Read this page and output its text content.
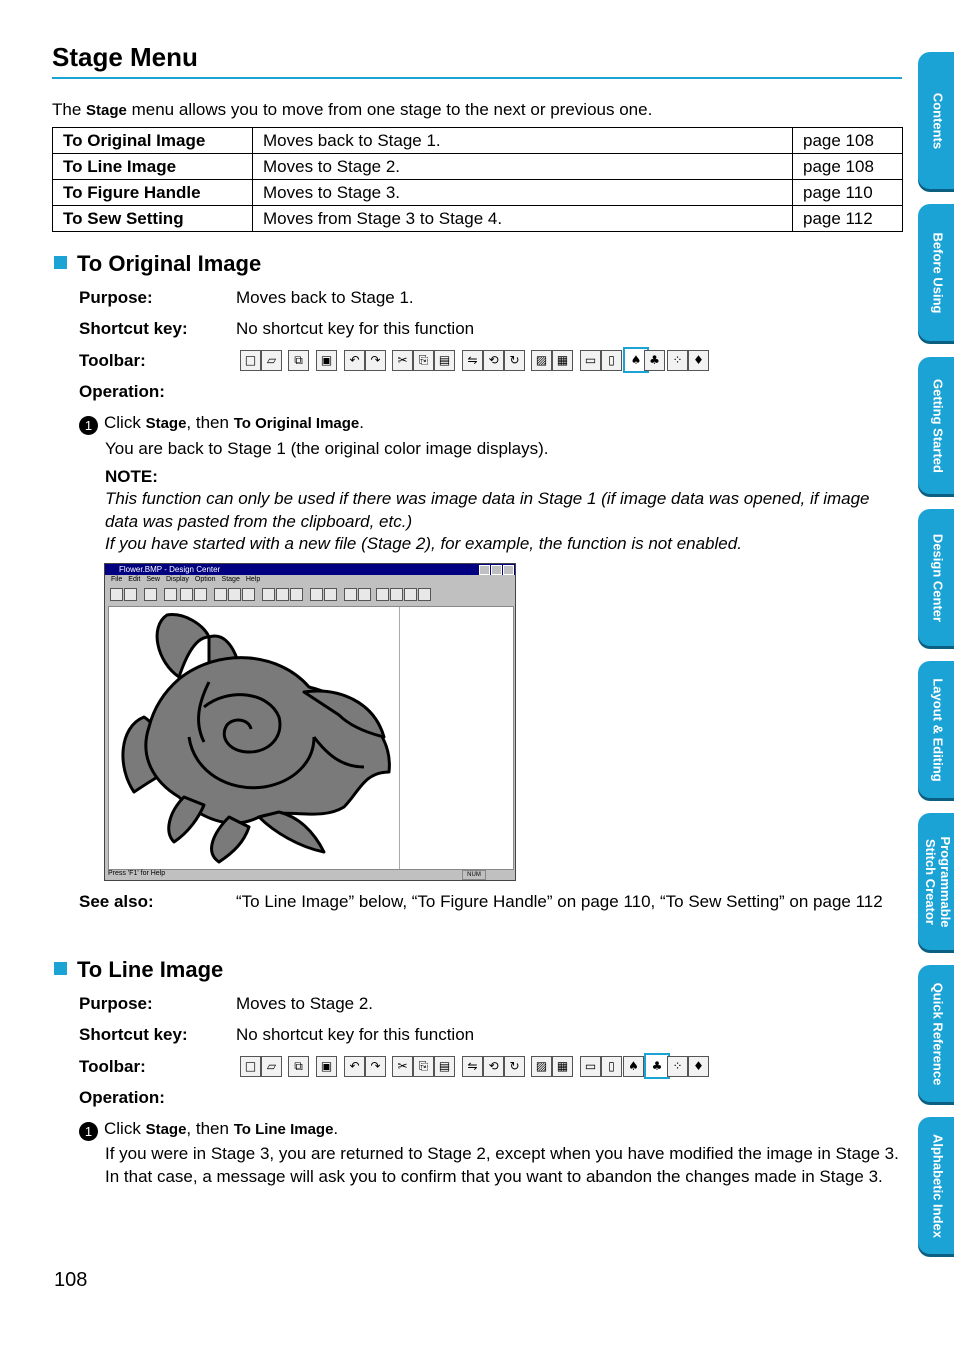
Stage Menu
The Stage menu allows you to move from one stage to the next or previous one.
To Original Image	Moves back to Stage 1.	page 108
To Line Image	Moves to Stage 2.	page 108
To Figure Handle	Moves to Stage 3.	page 110
To Sew Setting	Moves from Stage 3 to Stage 4.	page 112
To Original Image
Purpose:	Moves back to Stage 1.
Shortcut key:	No shortcut key for this function
Toolbar:	□ ▱	⧉	▣	↶ ↷	✂ ⎘ ▤	⇋ ⟲ ↻	▨ ▦	▭	▯	♠ ♣	⁘ ♦
Operation:
1 Click Stage, then To Original Image.
You are back to Stage 1 (the original color image displays).
NOTE:
This function can only be used if there was image data in Stage 1 (if image data was opened, if image data was pasted from the clipboard, etc.)
If you have started with a new file (Stage 2), for example, the function is not enabled.
Flower.BMP - Design Center
File Edit Sew Display Option Stage Help
Press 'F1' for Help	NUM
See also:	“To Line Image” below, “To Figure Handle” on page 110, “To Sew Setting” on page 112
To Line Image
Purpose:	Moves to Stage 2.
Shortcut key:	No shortcut key for this function
Toolbar:	□ ▱	⧉	▣	↶ ↷	✂ ⎘ ▤	⇋ ⟲ ↻	▨ ▦	▭	▯	♠	♣ ⁘ ♦
Operation:
1 Click Stage, then To Line Image.
If you were in Stage 3, you are returned to Stage 2, except when you have modified the image in Stage 3. In that case, a message will ask you to confirm that you want to abandon the changes made in Stage 3.
108
Contents
Before Using
Getting Started
Design Center
Layout & Editing
Programmable Stitch Creator
Quick Reference
Alphabetic Index
